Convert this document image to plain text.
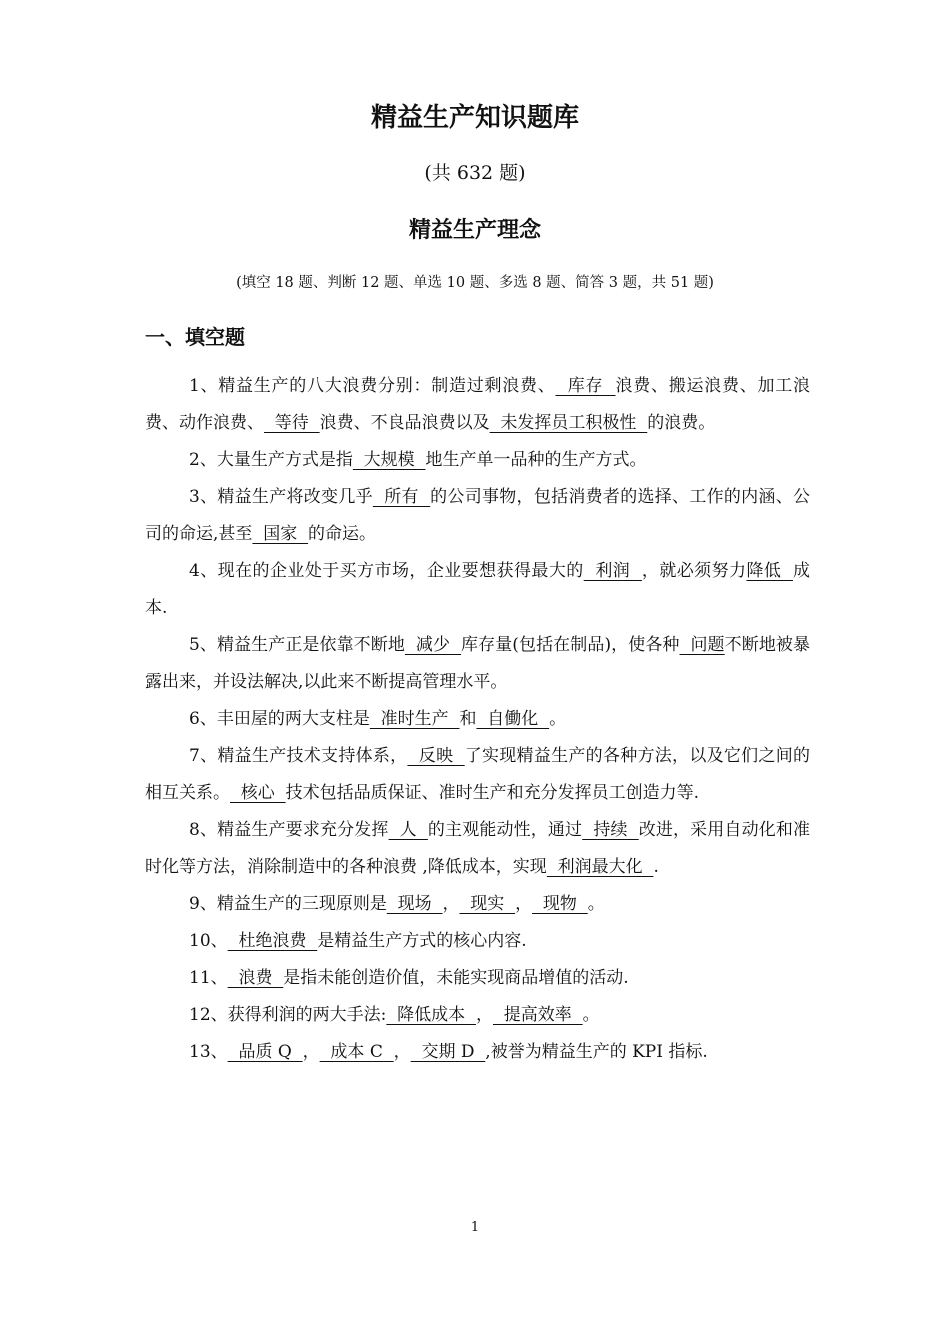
精益生产知识题库
(共 632 题)
精益生产理念
(填空 18 题、判断 12 题、单选 10 题、多选 8 题、简答 3 题，共 51 题)
一、填空题

1、精益生产的八大浪费分别：制造过剩浪费、  库存  浪费、搬运浪费、加工浪费、动作浪费、  等待  浪费、不良品浪费以及  未发挥员工积极性  的浪费。

2、大量生产方式是指  大规模  地生产单一品种的生产方式。

3、精益生产将改变几乎  所有  的公司事物，包括消费者的选择、工作的内涵、公司的命运,甚至  国家  的命运。

4、现在的企业处于买方市场，企业要想获得最大的  利润  ，就必须努力降低  成本.

5、精益生产正是依靠不断地  减少  库存量(包括在制品)，使各种  问题不断地被暴露出来，并设法解决,以此来不断提高管理水平。

6、丰田屋的两大支柱是  准时生产  和  自働化  。

7、精益生产技术支持体系，  反映  了实现精益生产的各种方法，以及它们之间的相互关系。  核心  技术包括品质保证、准时生产和充分发挥员工创造力等.

8、精益生产要求充分发挥  人  的主观能动性，通过  持续  改进，采用自动化和准时化等方法，消除制造中的各种浪费 ,降低成本，实现  利润最大化  .

9、精益生产的三现原则是  现场  ，  现实  ，  现物  。

10、  杜绝浪费  是精益生产方式的核心内容.

11、  浪费  是指未能创造价值，未能实现商品增值的活动.

12、获得利润的两大手法:  降低成本  ，  提高效率  。

13、  品质 Q  ，  成本 C  ，  交期 D  ,被誉为精益生产的 KPI 指标.

1
